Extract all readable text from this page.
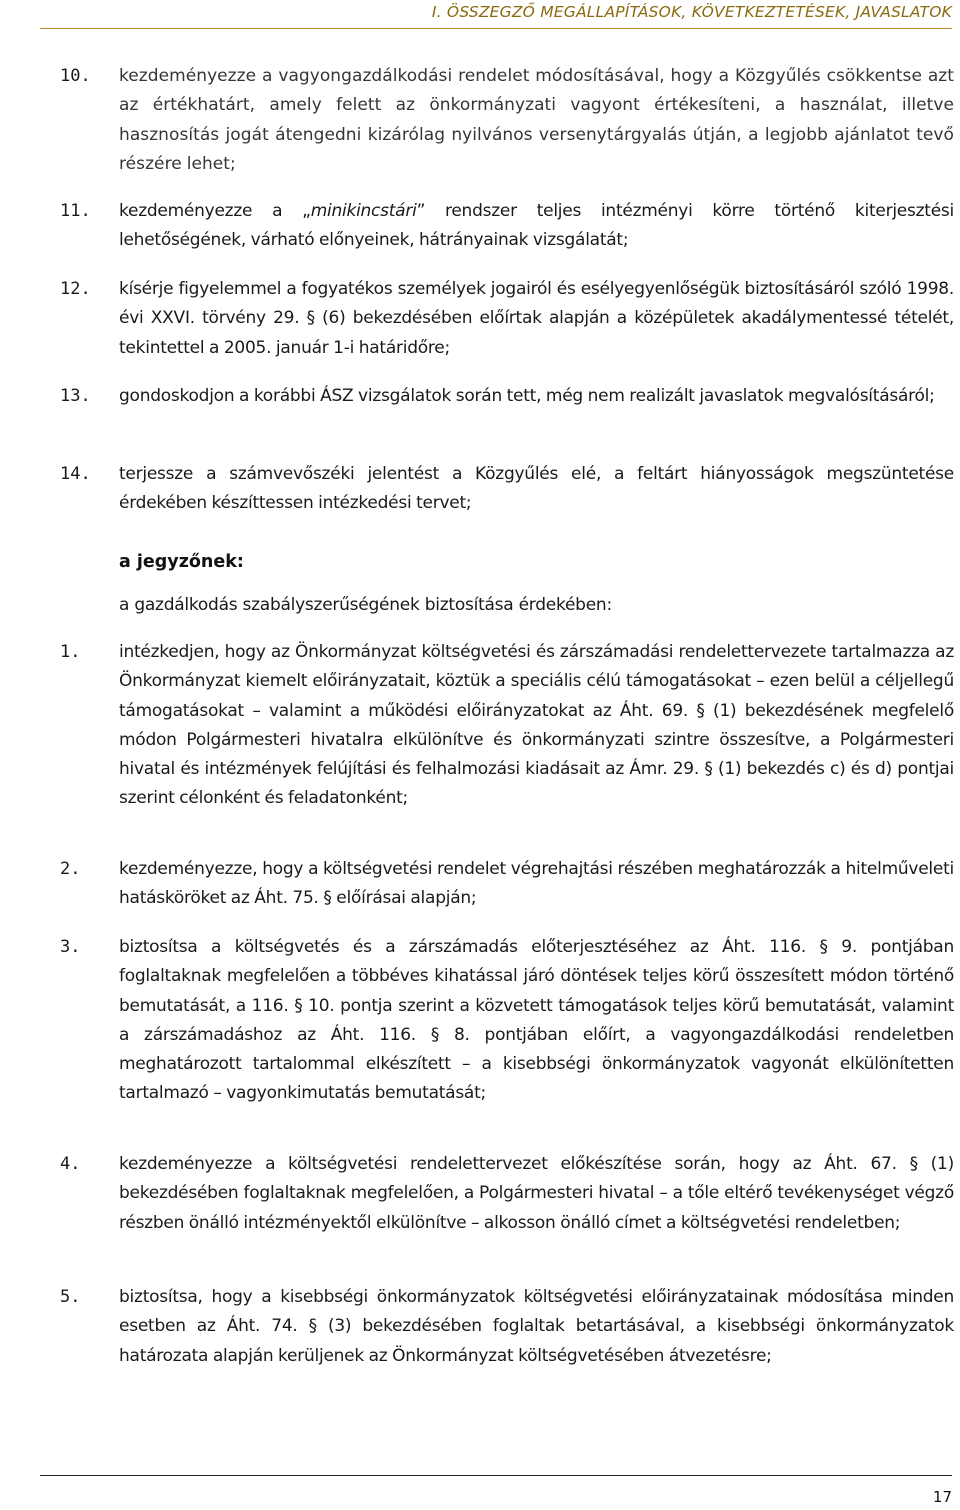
I. ÖSSZEGZŐ MEGÁLLAPÍTÁSOK, KÖVETKEZTETÉSEK, JAVASLATOK
10. kezdeményezze a vagyongazdálkodási rendelet módosításával, hogy a Közgyűlés csökkentse azt az értékhatárt, amely felett az önkormányzati vagyont értékesíteni, a használat, illetve hasznosítás jogát átengedni kizárólag nyilvános versenytárgyalás útján, a legjobb ajánlatot tevő részére lehet;
11. kezdeményezze a „minikincstári” rendszer teljes intézményi körre történő kiterjesztési lehetőségének, várható előnyeinek, hátrányainak vizsgálatát;
12. kísérje figyelemmel a fogyatékos személyek jogairól és esélyegyenlőségük biztosításáról szóló 1998. évi XXVI. törvény 29. § (6) bekezdésében előírtak alapján a középületek akadálymentessé tételét, tekintettel a 2005. január 1-i határidőre;
13. gondoskodjon a korábbi ÁSZ vizsgálatok során tett, még nem realizált javaslatok megvalósításáról;
14. terjessze a számvevőszéki jelentést a Közgyűlés elé, a feltárt hiányosságok megszüntetése érdekében készíttessen intézkedési tervet;
a jegyzőnek:
a gazdálkodás szabályszerűségének biztosítása érdekében:
1. intézkedjen, hogy az Önkormányzat költségvetési és zárszámadási rendelettervezete tartalmazza az Önkormányzat kiemelt előirányzatait, köztük a speciális célú támogatásokat – ezen belül a céljellegű támogatásokat – valamint a működési előirányzatokat az Áht. 69. § (1) bekezdésének megfelelő módon Polgármesteri hivatalra elkülönítve és önkormányzati szintre összesítve, a Polgármesteri hivatal és intézmények felújítási és felhalmozási kiadásait az Ámr. 29. § (1) bekezdés c) és d) pontjai szerint célonként és feladatonként;
2. kezdeményezze, hogy a költségvetési rendelet végrehajtási részében meghatározzák a hitelműveleti hatásköröket az Áht. 75. § előírásai alapján;
3. biztosítsa a költségvetés és a zárszámadás előterjesztéséhez az Áht. 116. § 9. pontjában foglaltaknak megfelelően a többéves kihatással járó döntések teljes körű összesített módon történő bemutatását, a 116. § 10. pontja szerint a közvetett támogatások teljes körű bemutatását, valamint a zárszámadáshoz az Áht. 116. § 8. pontjában előírt, a vagyongazdálkodási rendeletben meghatározott tartalommal elkészített – a kisebbségi önkormányzatok vagyonát elkülönítetten tartalmazó – vagyonkimutatás bemutatását;
4. kezdeményezze a költségvetési rendelettervezet előkészítése során, hogy az Áht. 67. § (1) bekezdésében foglaltaknak megfelelően, a Polgármesteri hivatal – a tőle eltérő tevékenységet végző részben önálló intézményektől elkülönítve – alkosson önálló címet a költségvetési rendeletben;
5. biztosítsa, hogy a kisebbségi önkormányzatok költségvetési előirányzatainak módosítása minden esetben az Áht. 74. § (3) bekezdésében foglaltak betartásával, a kisebbségi önkormányzatok határozata alapján kerüljenek az Önkormányzat költségvetésében átvezetésre;
17
